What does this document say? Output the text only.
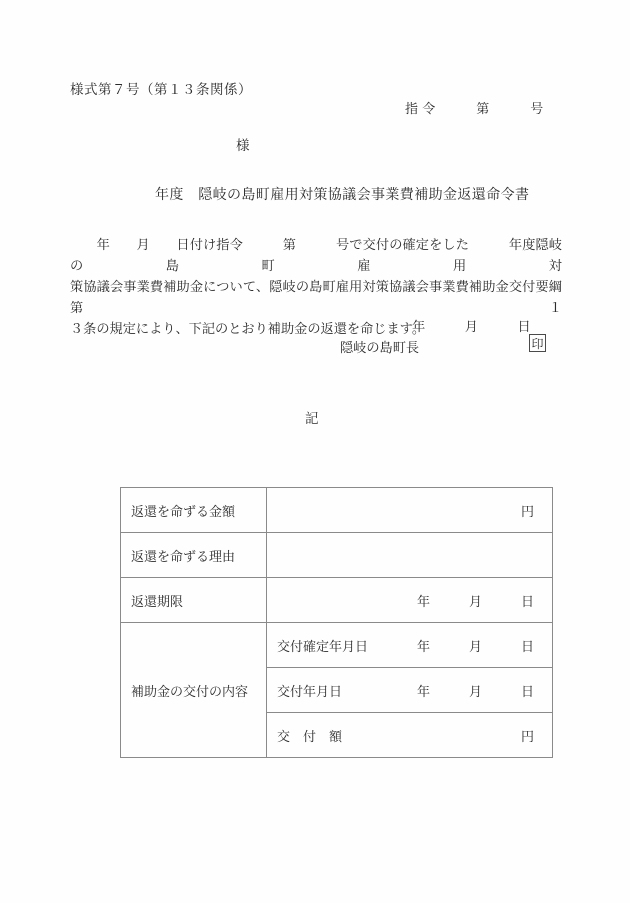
様式第７号（第１３条関係）
指 令　　　第　　　号
様
年度　隠岐の島町雇用対策協議会事業費補助金返還命令書
　　年　　月　　日付け指令　　　第　　　号で交付の確定をした　　　年度隠岐の島町雇用対
策協議会事業費補助金について、隠岐の島町雇用対策協議会事業費補助金交付要綱第１
３条の規定により、下記のとおり補助金の返還を命じます。
年　　　月　　　日
隠岐の島町長	印
記
返還を命ずる金額	円

返還を命ずる理由	

返還期限	年　　　月　　　日

補助金の交付の内容	交付確定年月日 年　　　月　　　日

	交付年月日 年　　　月　　　日

	交　付　額 円
